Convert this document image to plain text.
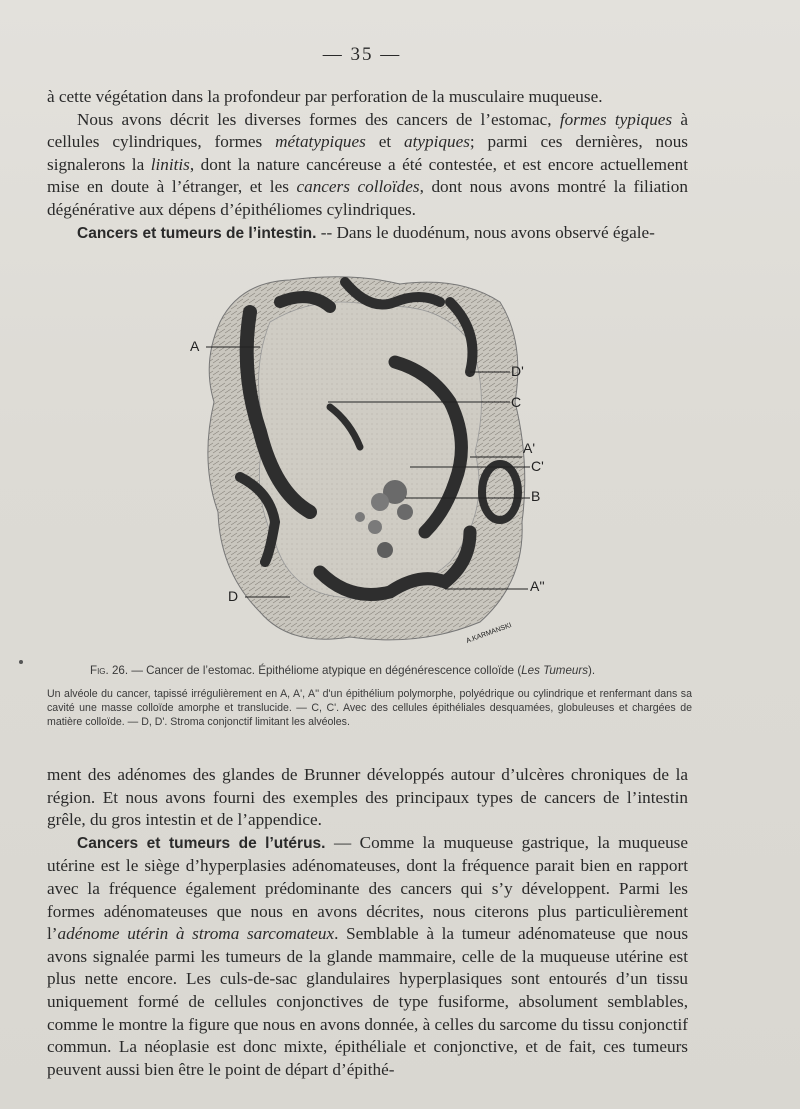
— 35 —

à cette végétation dans la profondeur par perforation de la musculaire muqueuse.

Nous avons décrit les diverses formes des cancers de l’estomac, formes typiques à cellules cylindriques, formes métatypiques et atypiques; parmi ces dernières, nous signalerons la linitis, dont la nature cancéreuse a été contestée, et est encore actuellement mise en doute à l’étranger, et les cancers colloïdes, dont nous avons montré la filiation dégénérative aux dépens d’épithéliomes cylindriques.

Cancers et tumeurs de l’intestin. -- Dans le duodénum, nous avons observé égale-

A
D'
C
A'
C'
B
A''
D
A.KARMANSKI
Fig. 26. — Cancer de l’estomac. Épithéliome atypique en dégénérescence colloïde (Les Tumeurs).
Un alvéole du cancer, tapissé irrégulièrement en A, A', A'' d'un épithélium polymorphe, polyédrique ou cylindrique et renfermant dans sa cavité une masse colloïde amorphe et translucide. — C, C'. Avec des cellules épithéliales desquamées, globuleuses et chargées de matière colloïde. — D, D'. Stroma conjonctif limitant les alvéoles.

ment des adénomes des glandes de Brunner développés autour d’ulcères chroniques de la région. Et nous avons fourni des exemples des principaux types de cancers de l’intestin grêle, du gros intestin et de l’appendice.

Cancers et tumeurs de l’utérus. — Comme la muqueuse gastrique, la muqueuse utérine est le siège d’hyperplasies adénomateuses, dont la fréquence parait bien en rapport avec la fréquence également prédominante des cancers qui s’y développent. Parmi les formes adénomateuses que nous en avons décrites, nous citerons plus particulièrement l’adénome utérin à stroma sarcomateux. Semblable à la tumeur adénomateuse que nous avons signalée parmi les tumeurs de la glande mammaire, celle de la muqueuse utérine est plus nette encore. Les culs-de-sac glandulaires hyperplasiques sont entourés d’un tissu uniquement formé de cellules conjonctives de type fusiforme, absolument semblables, comme le montre la figure que nous en avons donnée, à celles du sarcome du tissu conjonctif commun. La néoplasie est donc mixte, épithéliale et conjonctive, et de fait, ces tumeurs peuvent aussi bien être le point de départ d’épithé-
